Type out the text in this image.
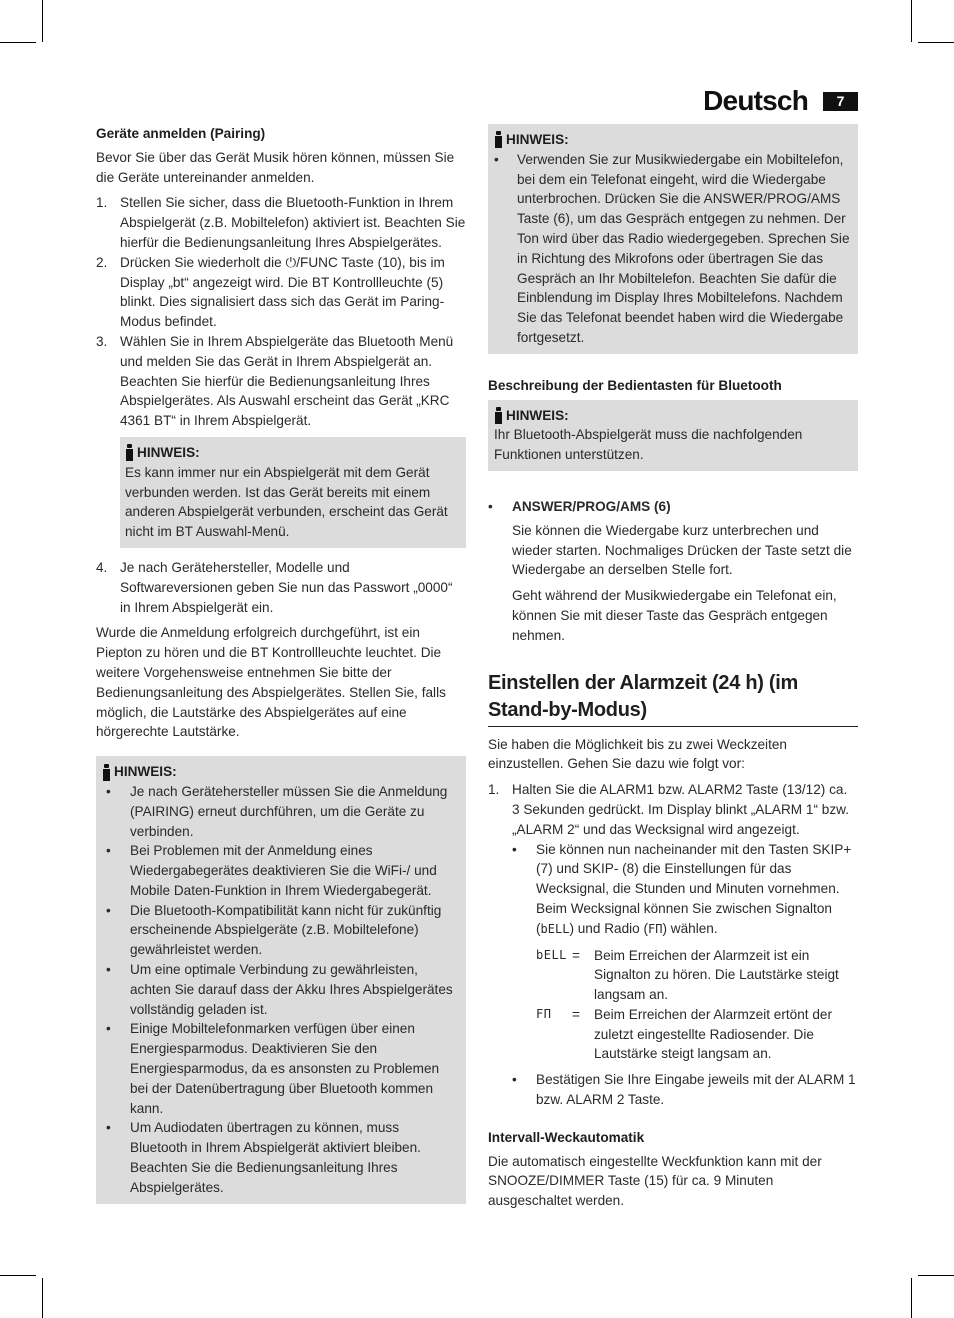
Deutsch	7
Geräte anmelden (Pairing)

Bevor Sie über das Gerät Musik hören können, müssen Sie die Geräte untereinander anmelden.

1. Stellen Sie sicher, dass die Bluetooth-Funktion in Ihrem Abspielgerät (z.B. Mobiltelefon) aktiviert ist. Beachten Sie hierfür die Bedienungsanleitung Ihres Abspielgerätes.
2. Drücken Sie wiederholt die ⏻/FUNC Taste (10), bis im Display „bt“ angezeigt wird. Die BT Kontrollleuchte (5) blinkt. Dies signalisiert dass sich das Gerät im Paring-Modus befindet.
3. Wählen Sie in Ihrem Abspielgeräte das Bluetooth Menü und melden Sie das Gerät in Ihrem Abspielgerät an. Beachten Sie hierfür die Bedienungsanleitung Ihres Abspielgerätes. Als Auswahl erscheint das Gerät „KRC 4361 BT“ in Ihrem Abspielgerät.
HINWEIS:
Es kann immer nur ein Abspielgerät mit dem Gerät verbunden werden. Ist das Gerät bereits mit einem anderen Abspielgerät verbunden, erscheint das Gerät nicht im BT Auswahl-Menü.
4. Je nach Gerätehersteller, Modelle und Softwareversionen geben Sie nun das Passwort „0000“ in Ihrem Abspielgerät ein.

Wurde die Anmeldung erfolgreich durchgeführt, ist ein Piepton zu hören und die BT Kontrollleuchte leuchtet. Die weitere Vorgehensweise entnehmen Sie bitte der Bedienungsanleitung des Abspielgerätes. Stellen Sie, falls möglich, die Lautstärke des Abspielgerätes auf eine hörgerechte Lautstärke.

HINWEIS:
• Je nach Gerätehersteller müssen Sie die Anmeldung (PAIRING) erneut durchführen, um die Geräte zu verbinden.
• Bei Problemen mit der Anmeldung eines Wiedergabegerätes deaktivieren Sie die WiFi-/ und Mobile Daten-Funktion in Ihrem Wiedergabegerät.
• Die Bluetooth-Kompatibilität kann nicht für zukünftig erscheinende Abspielgeräte (z.B. Mobiltelefone) gewährleistet werden.
• Um eine optimale Verbindung zu gewährleisten, achten Sie darauf dass der Akku Ihres Abspielgerätes vollständig geladen ist.
• Einige Mobiltelefonmarken verfügen über einen Energiesparmodus. Deaktivieren Sie den Energiesparmodus, da es ansonsten zu Problemen bei der Datenübertragung über Bluetooth kommen kann.
• Um Audiodaten übertragen zu können, muss Bluetooth in Ihrem Abspielgerät aktiviert bleiben. Beachten Sie die Bedienungsanleitung Ihres Abspielgerätes.
HINWEIS:
• Verwenden Sie zur Musikwiedergabe ein Mobiltelefon, bei dem ein Telefonat eingeht, wird die Wiedergabe unterbrochen. Drücken Sie die ANSWER/PROG/AMS Taste (6), um das Gespräch entgegen zu nehmen. Der Ton wird über das Radio wiedergegeben. Sprechen Sie in Richtung des Mikrofons oder übertragen Sie das Gespräch an Ihr Mobiltelefon. Beachten Sie dafür die Einblendung im Display Ihres Mobiltelefons. Nachdem Sie das Telefonat beendet haben wird die Wiedergabe fortgesetzt.
Beschreibung der Bedientasten für Bluetooth
HINWEIS:
Ihr Bluetooth-Abspielgerät muss die nachfolgenden Funktionen unterstützen.
• ANSWER/PROG/AMS (6)

Sie können die Wiedergabe kurz unterbrechen und wieder starten. Nochmaliges Drücken der Taste setzt die Wiedergabe an derselben Stelle fort.

Geht während der Musikwiedergabe ein Telefonat ein, können Sie mit dieser Taste das Gespräch entgegen nehmen.

Einstellen der Alarmzeit (24 h) (im Stand-by-Modus)

Sie haben die Möglichkeit bis zu zwei Weckzeiten einzustellen. Gehen Sie dazu wie folgt vor:

1. Halten Sie die ALARM1 bzw. ALARM2 Taste (13/12) ca. 3 Sekunden gedrückt. Im Display blinkt „ALARM 1“ bzw. „ALARM 2“ und das Wecksignal wird angezeigt.
• Sie können nun nacheinander mit den Tasten SKIP+ (7) und SKIP- (8) die Einstellungen für das Wecksignal, die Stunden und Minuten vornehmen. Beim Wecksignal können Sie zwischen Signalton (bELL) und Radio (FΠ) wählen.
bELL =	Beim Erreichen der Alarmzeit ist ein Signalton zu hören. Die Lautstärke steigt langsam an.
FΠ	=	Beim Erreichen der Alarmzeit ertönt der zuletzt eingestellte Radiosender. Die Lautstärke steigt langsam an.
• Bestätigen Sie Ihre Eingabe jeweils mit der ALARM 1 bzw. ALARM 2 Taste.
Intervall-Weckautomatik

Die automatisch eingestellte Weckfunktion kann mit der SNOOZE/DIMMER Taste (15) für ca. 9 Minuten ausgeschaltet werden.
